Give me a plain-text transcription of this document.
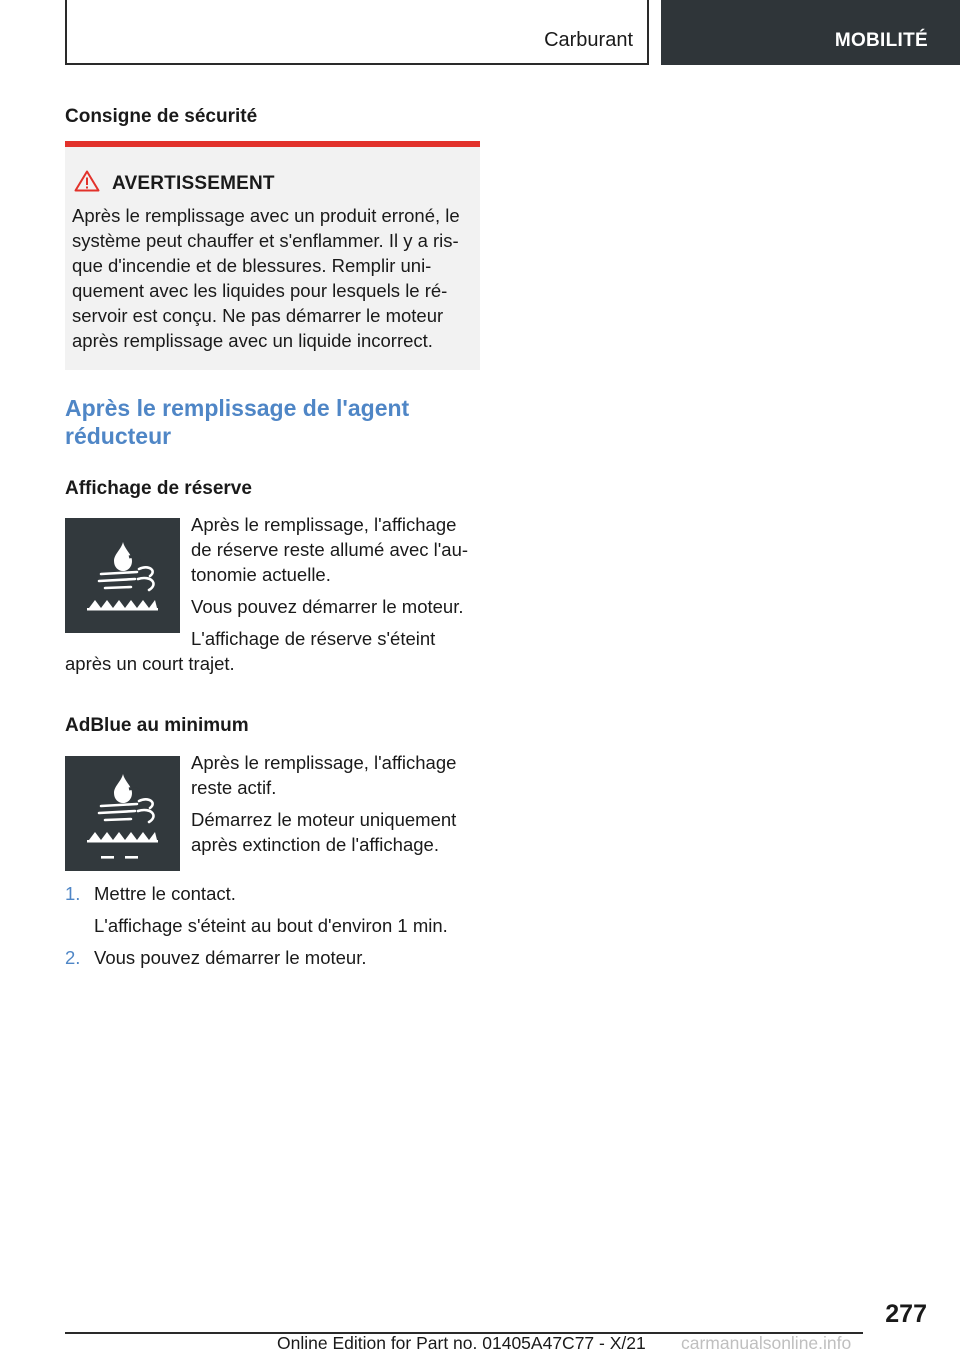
Carburant	MOBILITÉ
Consigne de sécurité
AVERTISSEMENT
Après le remplissage avec un produit erroné, le
système peut chauffer et s'enflammer. Il y a ris-
que d'incendie et de blessures. Remplir uni-
quement avec les liquides pour lesquels le ré-
servoir est conçu. Ne pas démarrer le moteur
après remplissage avec un liquide incorrect.
Après le remplissage de l'agent
réducteur
Affichage de réserve
Après le remplissage, l'affichage
de réserve reste allumé avec l'au-
tonomie actuelle.
Vous pouvez démarrer le moteur.
L'affichage de réserve s'éteint
après un court trajet.
AdBlue au minimum
Après le remplissage, l'affichage
reste actif.
Démarrez le moteur uniquement
après extinction de l'affichage.
1. Mettre le contact.
L'affichage s'éteint au bout d'environ 1 min.
2. Vous pouvez démarrer le moteur.
277
Online Edition for Part no. 01405A47C77 - X/21 carmanualsonline.info
